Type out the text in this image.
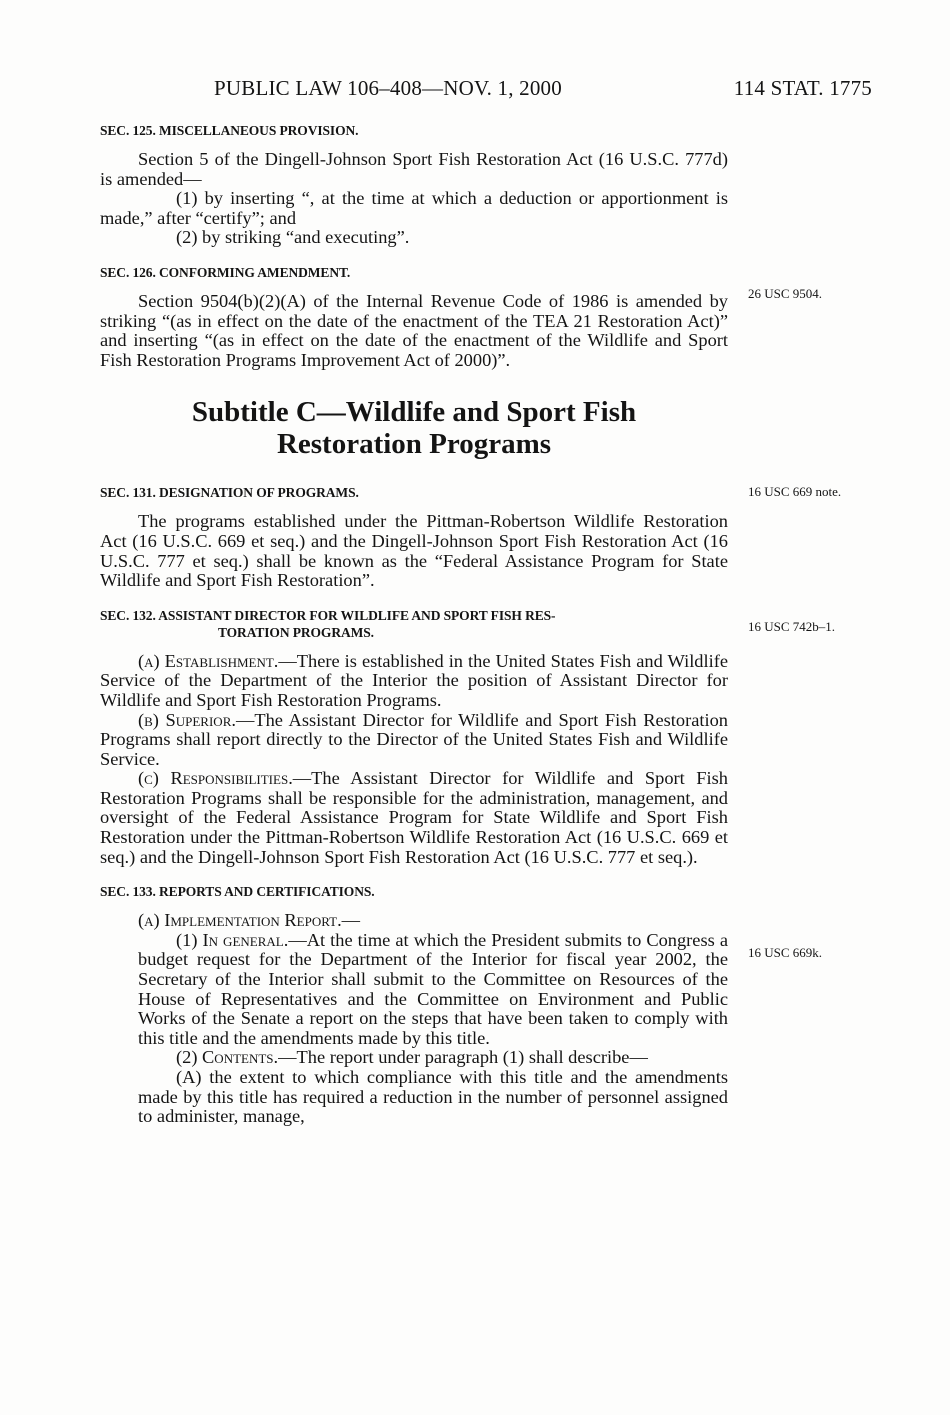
PUBLIC LAW 106–408—NOV. 1, 2000	114 STAT. 1775
26 USC 9504.
16 USC 669 note.
16 USC 742b–1.
16 USC 669k.
SEC. 125. MISCELLANEOUS PROVISION.

Section 5 of the Dingell-Johnson Sport Fish Restoration Act (16 U.S.C. 777d) is amended—

(1) by inserting “, at the time at which a deduction or apportionment is made,” after “certify”; and

(2) by striking “and executing”.

SEC. 126. CONFORMING AMENDMENT.

Section 9504(b)(2)(A) of the Internal Revenue Code of 1986 is amended by striking “(as in effect on the date of the enactment of the TEA 21 Restoration Act)” and inserting “(as in effect on the date of the enactment of the Wildlife and Sport Fish Restoration Programs Improvement Act of 2000)”.

Subtitle C—Wildlife and Sport Fish
Restoration Programs
SEC. 131. DESIGNATION OF PROGRAMS.

The programs established under the Pittman-Robertson Wildlife Restoration Act (16 U.S.C. 669 et seq.) and the Dingell-Johnson Sport Fish Restoration Act (16 U.S.C. 777 et seq.) shall be known as the “Federal Assistance Program for State Wildlife and Sport Fish Restoration”.

SEC. 132. ASSISTANT DIRECTOR FOR WILDLIFE AND SPORT FISH RES-
TORATION PROGRAMS.

(a) Establishment.—There is established in the United States Fish and Wildlife Service of the Department of the Interior the position of Assistant Director for Wildlife and Sport Fish Restoration Programs.

(b) Superior.—The Assistant Director for Wildlife and Sport Fish Restoration Programs shall report directly to the Director of the United States Fish and Wildlife Service.

(c) Responsibilities.—The Assistant Director for Wildlife and Sport Fish Restoration Programs shall be responsible for the administration, management, and oversight of the Federal Assistance Program for State Wildlife and Sport Fish Restoration under the Pittman-Robertson Wildlife Restoration Act (16 U.S.C. 669 et seq.) and the Dingell-Johnson Sport Fish Restoration Act (16 U.S.C. 777 et seq.).

SEC. 133. REPORTS AND CERTIFICATIONS.

(a) Implementation Report.—

(1) In general.—At the time at which the President submits to Congress a budget request for the Department of the Interior for fiscal year 2002, the Secretary of the Interior shall submit to the Committee on Resources of the House of Representatives and the Committee on Environment and Public Works of the Senate a report on the steps that have been taken to comply with this title and the amendments made by this title.

(2) Contents.—The report under paragraph (1) shall describe—

(A) the extent to which compliance with this title and the amendments made by this title has required a reduction in the number of personnel assigned to administer, manage,
